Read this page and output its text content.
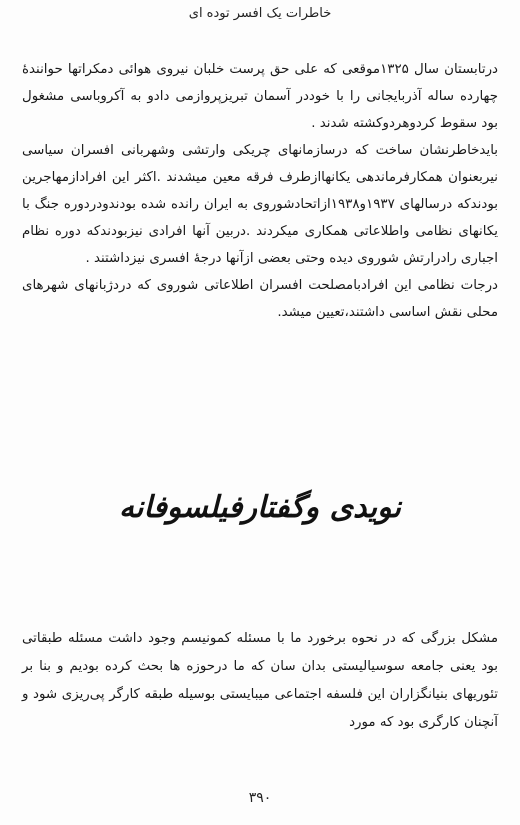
خاطرات یک افسر توده ای

درتابستان سال ۱۳۲۵موقعی که علی حق پرست خلبان نیروی هوائی دمکراتها حوانندهٔ چهارده ساله آذربایجانی را با خوددر آسمان تبریزپروازمی دادو به آکروباسی مشغول بود سقوط کردوهردوکشته شدند .

بایدخاطرنشان ساخت که درسازمانهای چریکی وارتشی وشهربانی افسران سیاسی نیربعنوان همکارفرماندهی یکانهاازطرف فرقه معین میشدند .اکثر این افرادازمهاجرین بودندکه درسالهای ۱۹۳۷و۱۹۳۸ازاتحادشوروی به ایران رانده شده بودندودردوره جنگ با یکانهای نظامی واطلاعاتی همکاری میکردند .دربین آنها افرادی نیزبودندکه دوره نظام اجباری رادرارتش شوروی دیده وحتی بعضی ازآنها درجهٔ افسری نیزداشتند .

درجات نظامی این افرادبامصلحت افسران اطلاعاتی شوروی که دردژبانهای شهرهای محلی نقش اساسی داشتند،تعیین میشد.

نویدی وگفتارفیلسوفانه

مشکل بزرگی که در نحوه برخورد ما با مسئله کمونیسم وجود داشت مسئله طبقاتی بود یعنی جامعه سوسیالیستی بدان سان که ما درحوزه ها بحث کرده بودیم و بنا بر تئوریهای بنیانگزاران این فلسفه اجتماعی میبایستی بوسیله طبقه کارگر پی‌ریزی شود و آنچنان کارگری بود که مورد

۳۹۰
